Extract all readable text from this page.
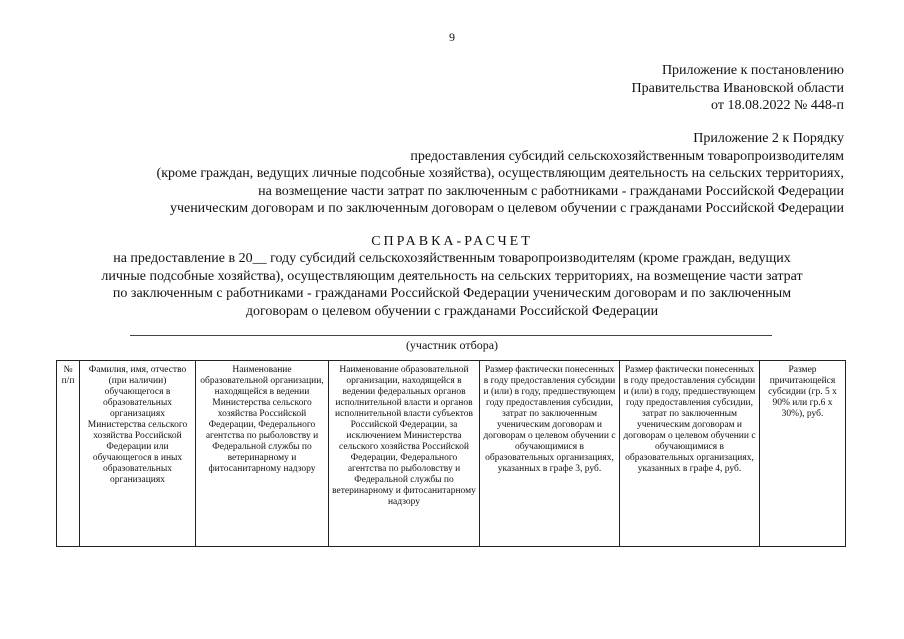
9
Приложение к постановлению
Правительства Ивановской области
от 18.08.2022 № 448-п
Приложение 2 к Порядку
предоставления субсидий сельскохозяйственным товаропроизводителям
(кроме граждан, ведущих личные подсобные хозяйства), осуществляющим деятельность на сельских территориях,
на возмещение части затрат по заключенным с работниками - гражданами Российской Федерации
ученическим договорам и по заключенным договорам о целевом обучении с гражданами Российской Федерации
СПРАВКА-РАСЧЕТ
на предоставление в 20__ году субсидий сельскохозяйственным товаропроизводителям (кроме граждан, ведущих
личные подсобные хозяйства), осуществляющим деятельность на сельских территориях, на возмещение части затрат
по заключенным с работниками - гражданами Российской Федерации ученическим договорам и по заключенным
договорам о целевом обучении с гражданами Российской Федерации
(участник отбора)
№ п/п	Фамилия, имя, отчество (при наличии) обучающегося в образовательных организациях Министерства сельского хозяйства Российской Федерации или обучающегося в иных образовательных организациях	Наименование образовательной организации, находящейся в ведении Министерства сельского хозяйства Российской Федерации, Федерального агентства по рыболовству и Федеральной службы по ветеринарному и фитосанитарному надзору	Наименование образовательной организации, находящейся в ведении федеральных органов исполнительной власти и органов исполнительной власти субъектов Российской Федерации, за исключением Министерства сельского хозяйства Российской Федерации, Федерального агентства по рыболовству и Федеральной службы по ветеринарному и фитосанитарному надзору	Размер фактически понесенных в году предоставления субсидии и (или) в году, предшествующем году предоставления субсидии, затрат по заключенным ученическим договорам и договорам о целевом обучении с обучающимися в образовательных организациях, указанных в графе 3, руб.	Размер фактически понесенных в году предоставления субсидии и (или) в году, предшествующем году предоставления субсидии, затрат по заключенным ученическим договорам и договорам о целевом обучении с обучающимися в образовательных организациях, указанных в графе 4, руб.	Размер причитающейся субсидии (гр. 5 x 90% или гр.6 x 30%), руб.
